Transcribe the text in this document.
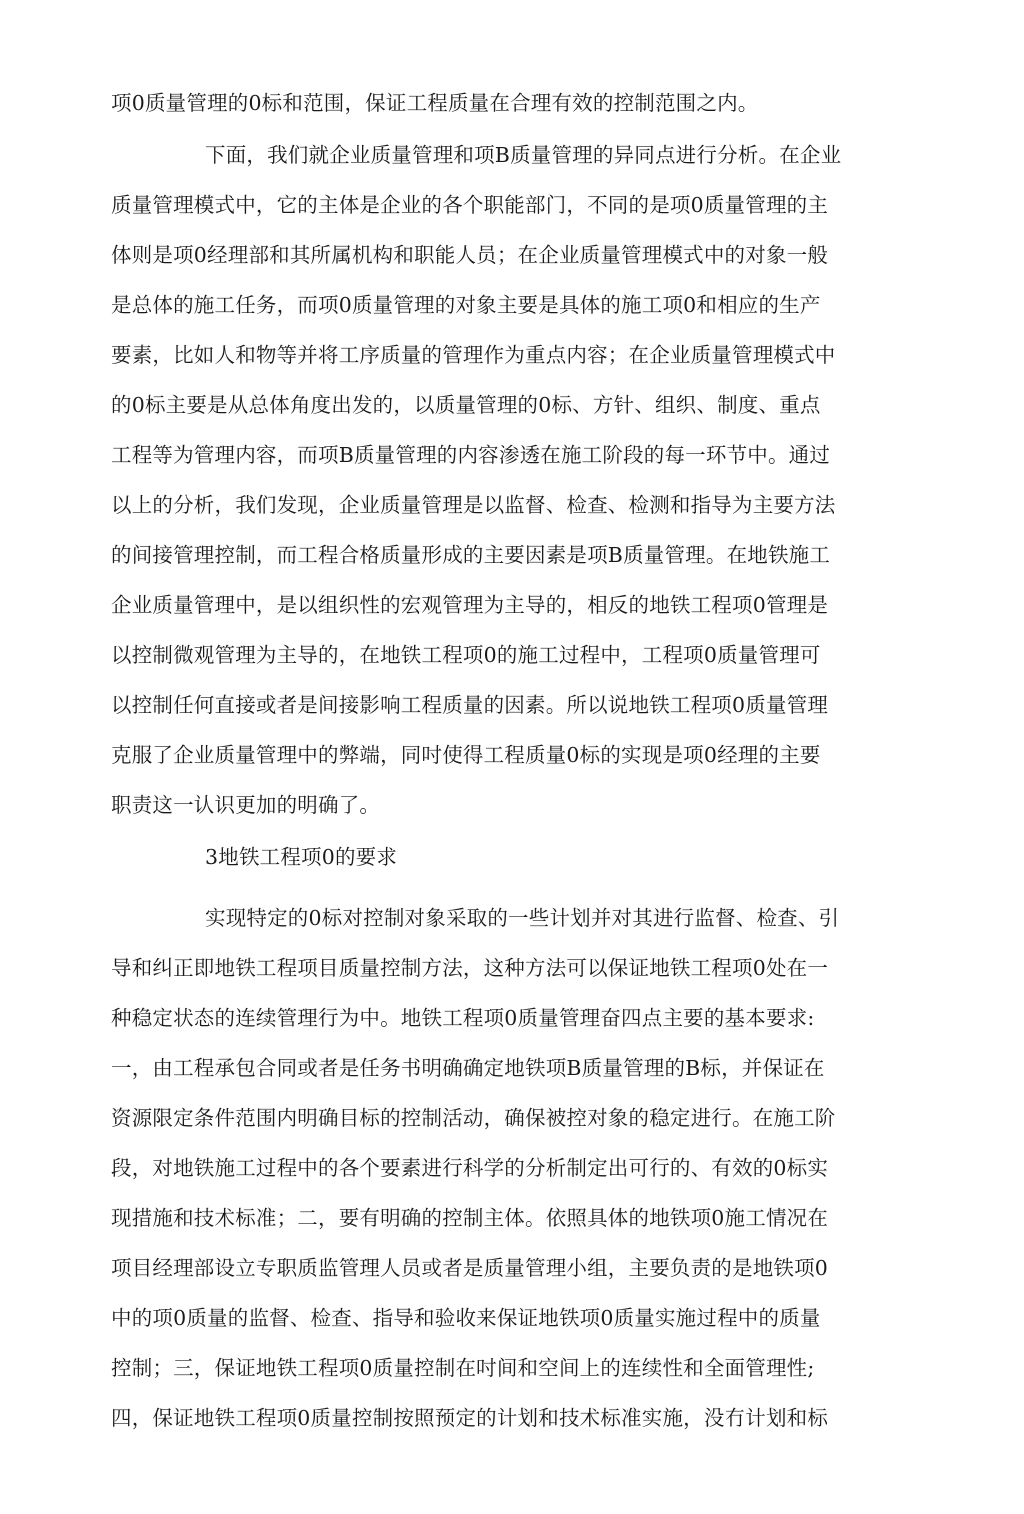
项0质量管理的0标和范围，保证工程质量在合理有效的控制范围之内。
下面，我们就企业质量管理和项B质量管理的异同点进行分析。在企业
质量管理模式中，它的主体是企业的各个职能部门，不同的是项0质量管理的主
体则是项0经理部和其所属机构和职能人员；在企业质量管理模式中的对象一般
是总体的施工任务，而项0质量管理的对象主要是具体的施工项0和相应的生产
要素，比如人和物等并将工序质量的管理作为重点内容；在企业质量管理模式中
的0标主要是从总体角度出发的，以质量管理的0标、方针、组织、制度、重点
工程等为管理内容，而项B质量管理的内容渗透在施工阶段的每一环节中。通过
以上的分析，我们发现，企业质量管理是以监督、检查、检测和指导为主要方法
的间接管理控制，而工程合格质量形成的主要因素是项B质量管理。在地铁施工
企业质量管理中，是以组织性的宏观管理为主导的，相反的地铁工程项0管理是
以控制微观管理为主导的，在地铁工程项0的施工过程中，工程项0质量管理可
以控制任何直接或者是间接影响工程质量的因素。所以说地铁工程项0质量管理
克服了企业质量管理中的弊端，同吋使得工程质量0标的实现是项0经理的主要
职责这一认识更加的明确了。
3地铁工程项0的要求
实现特定的0标对控制对象采取的一些计划并对其进行监督、检查、引
导和纠正即地铁工程项目质量控制方法，这种方法可以保证地铁工程项0处在一
种稳定状态的连续管理行为中。地铁工程项0质量管理奋四点主要的基本要求:
一，由工程承包合同或者是任务书明确确定地铁项B质量管理的B标，并保证在
资源限定条件范围内明确目标的控制活动，确保被控对象的稳定进行。在施工阶
段，对地铁施工过程中的各个要素进行科学的分析制定出可行的、有效的0标实
现措施和技术标准；二，要有明确的控制主体。依照具体的地铁项0施工情况在
项目经理部设立专职质监管理人员或者是质量管理小组，主要负责的是地铁项0
中的项0质量的监督、检查、指导和验收来保证地铁项0质量实施过程中的质量
控制；三，保证地铁工程项0质量控制在吋间和空间上的连续性和全面管理性;
四，保证地铁工程项0质量控制按照预定的计划和技术标准实施，没冇计划和标
